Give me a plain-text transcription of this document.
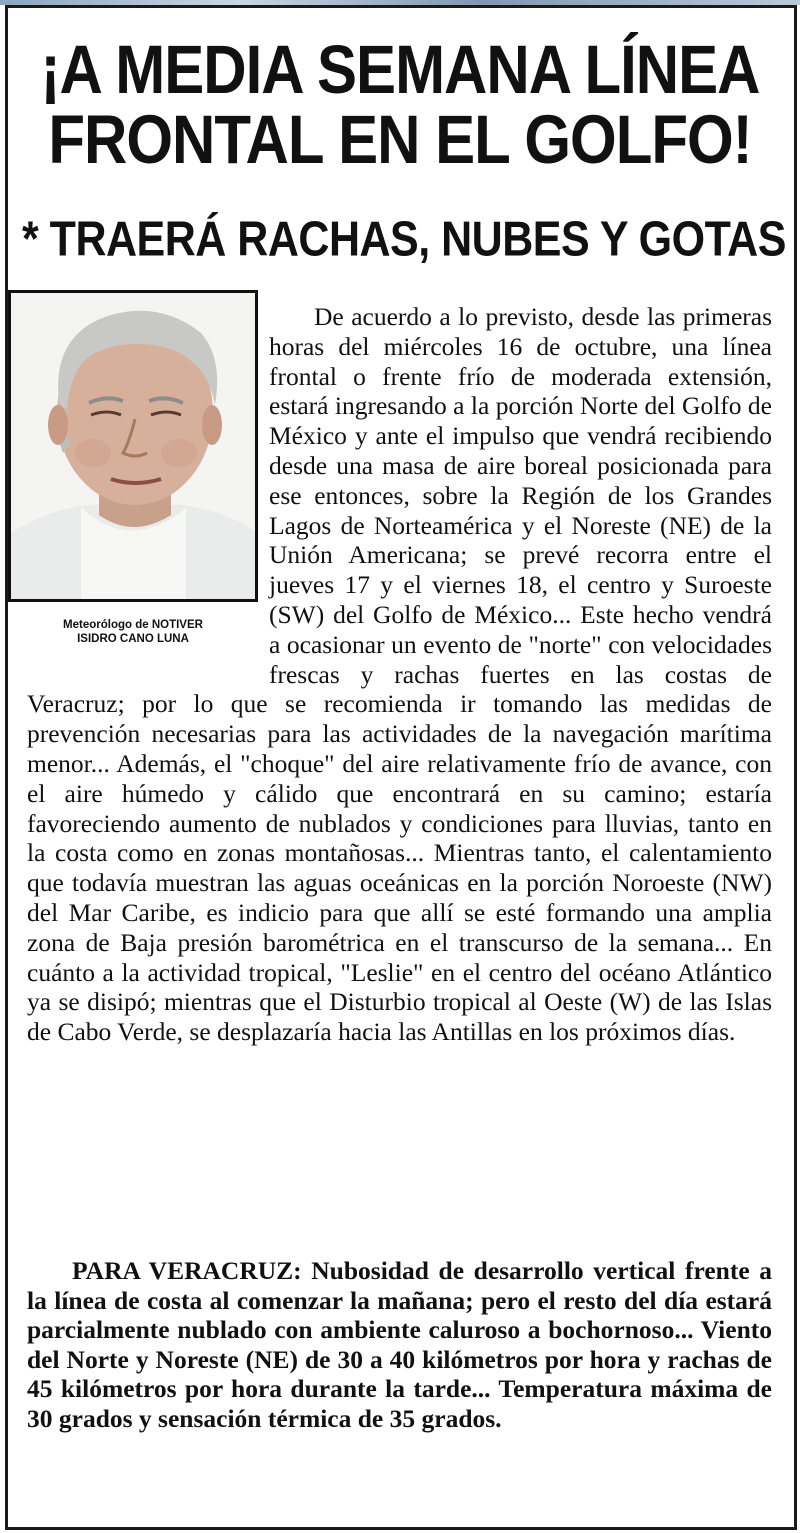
¡A MEDIA SEMANA LÍNEA
FRONTAL EN EL GOLFO!
* TRAERÁ RACHAS, NUBES Y GOTAS
Meteorólogo de NOTIVER
ISIDRO CANO LUNA

De acuerdo a lo previsto, desde las primeras horas del miércoles 16 de octubre, una línea frontal o frente frío de moderada extensión, estará ingresando a la porción Norte del Golfo de México y ante el impulso que vendrá recibiendo desde una masa de aire boreal posicionada para ese entonces, sobre la Región de los Grandes Lagos de Norteamérica y el Noreste (NE) de la Unión Americana; se prevé recorra entre el jueves 17 y el viernes 18, el centro y Suroeste (SW) del Golfo de México... Este hecho vendrá a ocasionar un evento de "norte" con velocidades frescas y rachas fuertes en las costas de Veracruz; por lo que se recomienda ir tomando las medidas de prevención necesarias para las actividades de la navegación marítima menor... Además, el "choque" del aire relativamente frío de avance, con el aire húmedo y cálido que encontrará en su camino; estaría favoreciendo aumento de nublados y condiciones para lluvias, tanto en la costa como en zonas montañosas... Mientras tanto, el calentamiento que todavía muestran las aguas oceánicas en la porción Noroeste (NW) del Mar Caribe, es indicio para que allí se esté formando una amplia zona de Baja presión barométrica en el transcurso de la semana... En cuánto a la actividad tropical, "Leslie" en el centro del océano Atlántico ya se disipó; mientras que el Disturbio tropical al Oeste (W) de las Islas de Cabo Verde, se desplazaría hacia las Antillas en los próximos días.

PARA VERACRUZ: Nubosidad de desarrollo vertical frente a la línea de costa al comenzar la mañana; pero el resto del día estará parcialmente nublado con ambiente caluroso a bochornoso... Viento del Norte y Noreste (NE) de 30 a 40 kilómetros por hora y rachas de 45 kilómetros por hora durante la tarde... Temperatura máxima de 30 grados y sensación térmica de 35 grados.
